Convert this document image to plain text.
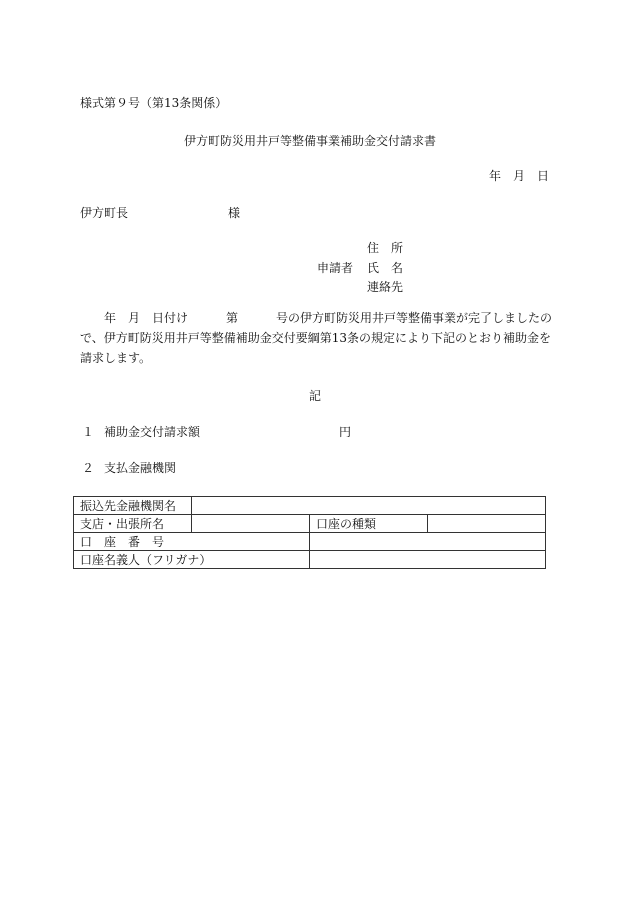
様式第９号（第13条関係）
伊方町防災用井戸等整備事業補助金交付請求書
年　月　日
伊方町長	様
住　所
申請者 氏　名
連絡先
年　月　日付け	第	号の伊方町防災用井戸等整備事業が完了しましたので、伊方町防災用井戸等整備補助金交付要綱第13条の規定により下記のとおり補助金を請求します。
記
１ 補助金交付請求額	円
２ 支払金融機関
振込先金融機関名			
支店・出張所名		口座の種類	
口　座　番　号			
口座名義人（フリガナ）			
